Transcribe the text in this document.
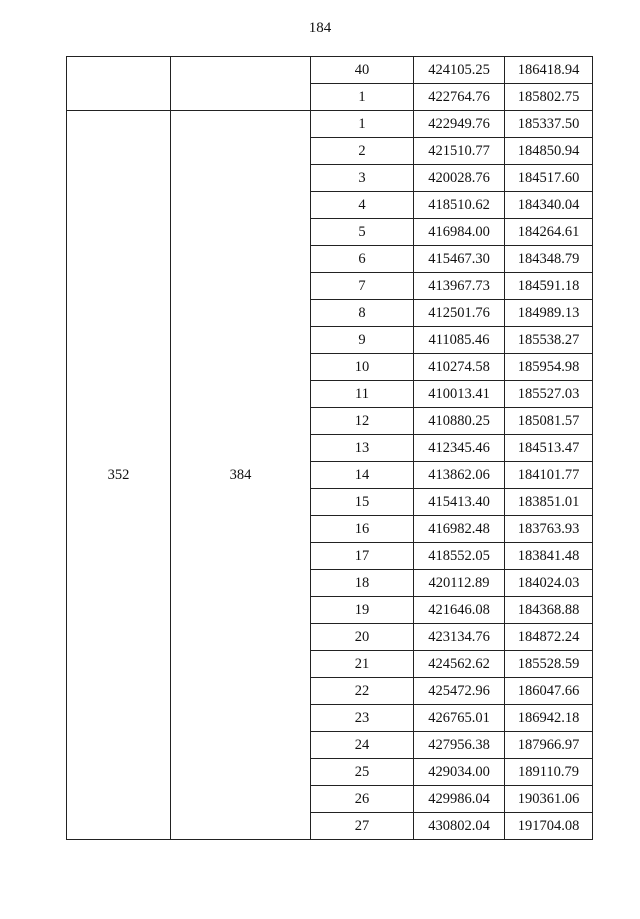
184
		40	424105.25	186418.94
		1	422764.76	185802.75
352	384	1	422949.76	185337.50
		2	421510.77	184850.94
		3	420028.76	184517.60
		4	418510.62	184340.04
		5	416984.00	184264.61
		6	415467.30	184348.79
		7	413967.73	184591.18
		8	412501.76	184989.13
		9	411085.46	185538.27
		10	410274.58	185954.98
		11	410013.41	185527.03
		12	410880.25	185081.57
		13	412345.46	184513.47
		14	413862.06	184101.77
		15	415413.40	183851.01
		16	416982.48	183763.93
		17	418552.05	183841.48
		18	420112.89	184024.03
		19	421646.08	184368.88
		20	423134.76	184872.24
		21	424562.62	185528.59
		22	425472.96	186047.66
		23	426765.01	186942.18
		24	427956.38	187966.97
		25	429034.00	189110.79
		26	429986.04	190361.06
		27	430802.04	191704.08
